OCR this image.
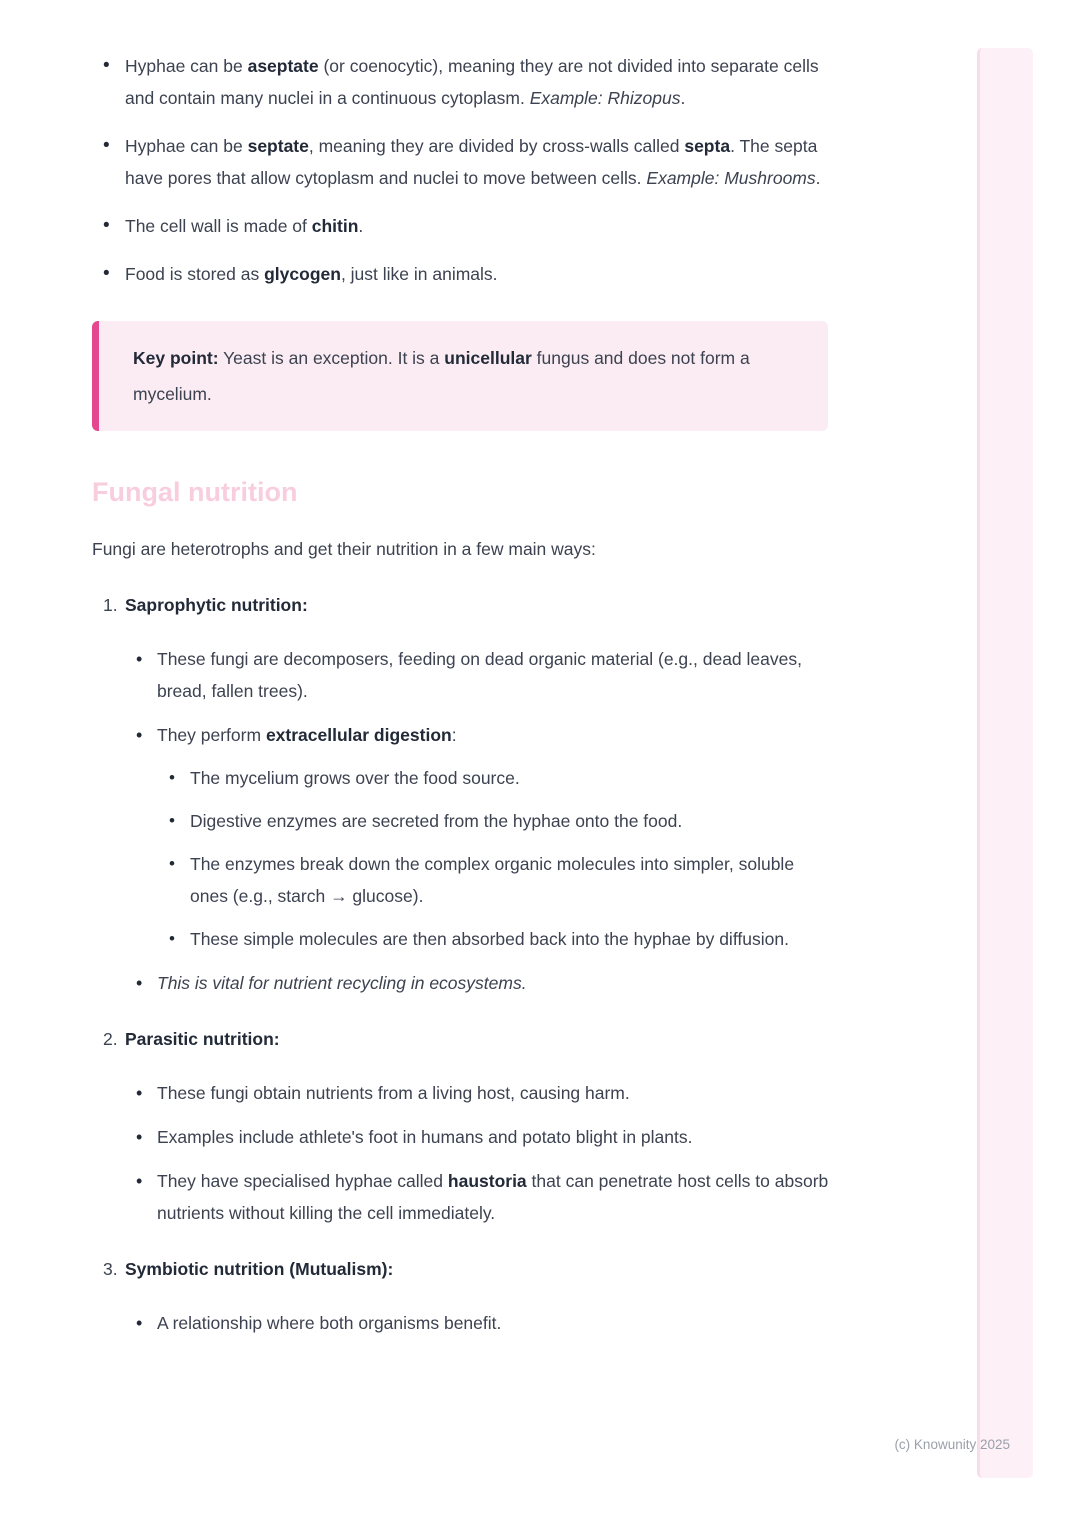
• Hyphae can be aseptate (or coenocytic), meaning they are not divided into separate cells and contain many nuclei in a continuous cytoplasm. Example: Rhizopus.
• Hyphae can be septate, meaning they are divided by cross-walls called septa. The septa have pores that allow cytoplasm and nuclei to move between cells. Example: Mushrooms.
• The cell wall is made of chitin.
• Food is stored as glycogen, just like in animals.
Key point: Yeast is an exception. It is a unicellular fungus and does not form a mycelium.
Fungal nutrition

Fungi are heterotrophs and get their nutrition in a few main ways:

1. Saprophytic nutrition:
• These fungi are decomposers, feeding on dead organic material (e.g., dead leaves, bread, fallen trees).
• They perform extracellular digestion:
• The mycelium grows over the food source.
• Digestive enzymes are secreted from the hyphae onto the food.
• The enzymes break down the complex organic molecules into simpler, soluble ones (e.g., starch → glucose).
• These simple molecules are then absorbed back into the hyphae by diffusion.
• This is vital for nutrient recycling in ecosystems.
2. Parasitic nutrition:
• These fungi obtain nutrients from a living host, causing harm.
• Examples include athlete's foot in humans and potato blight in plants.
• They have specialised hyphae called haustoria that can penetrate host cells to absorb nutrients without killing the cell immediately.
3. Symbiotic nutrition (Mutualism):
• A relationship where both organisms benefit.
(c) Knowunity 2025
